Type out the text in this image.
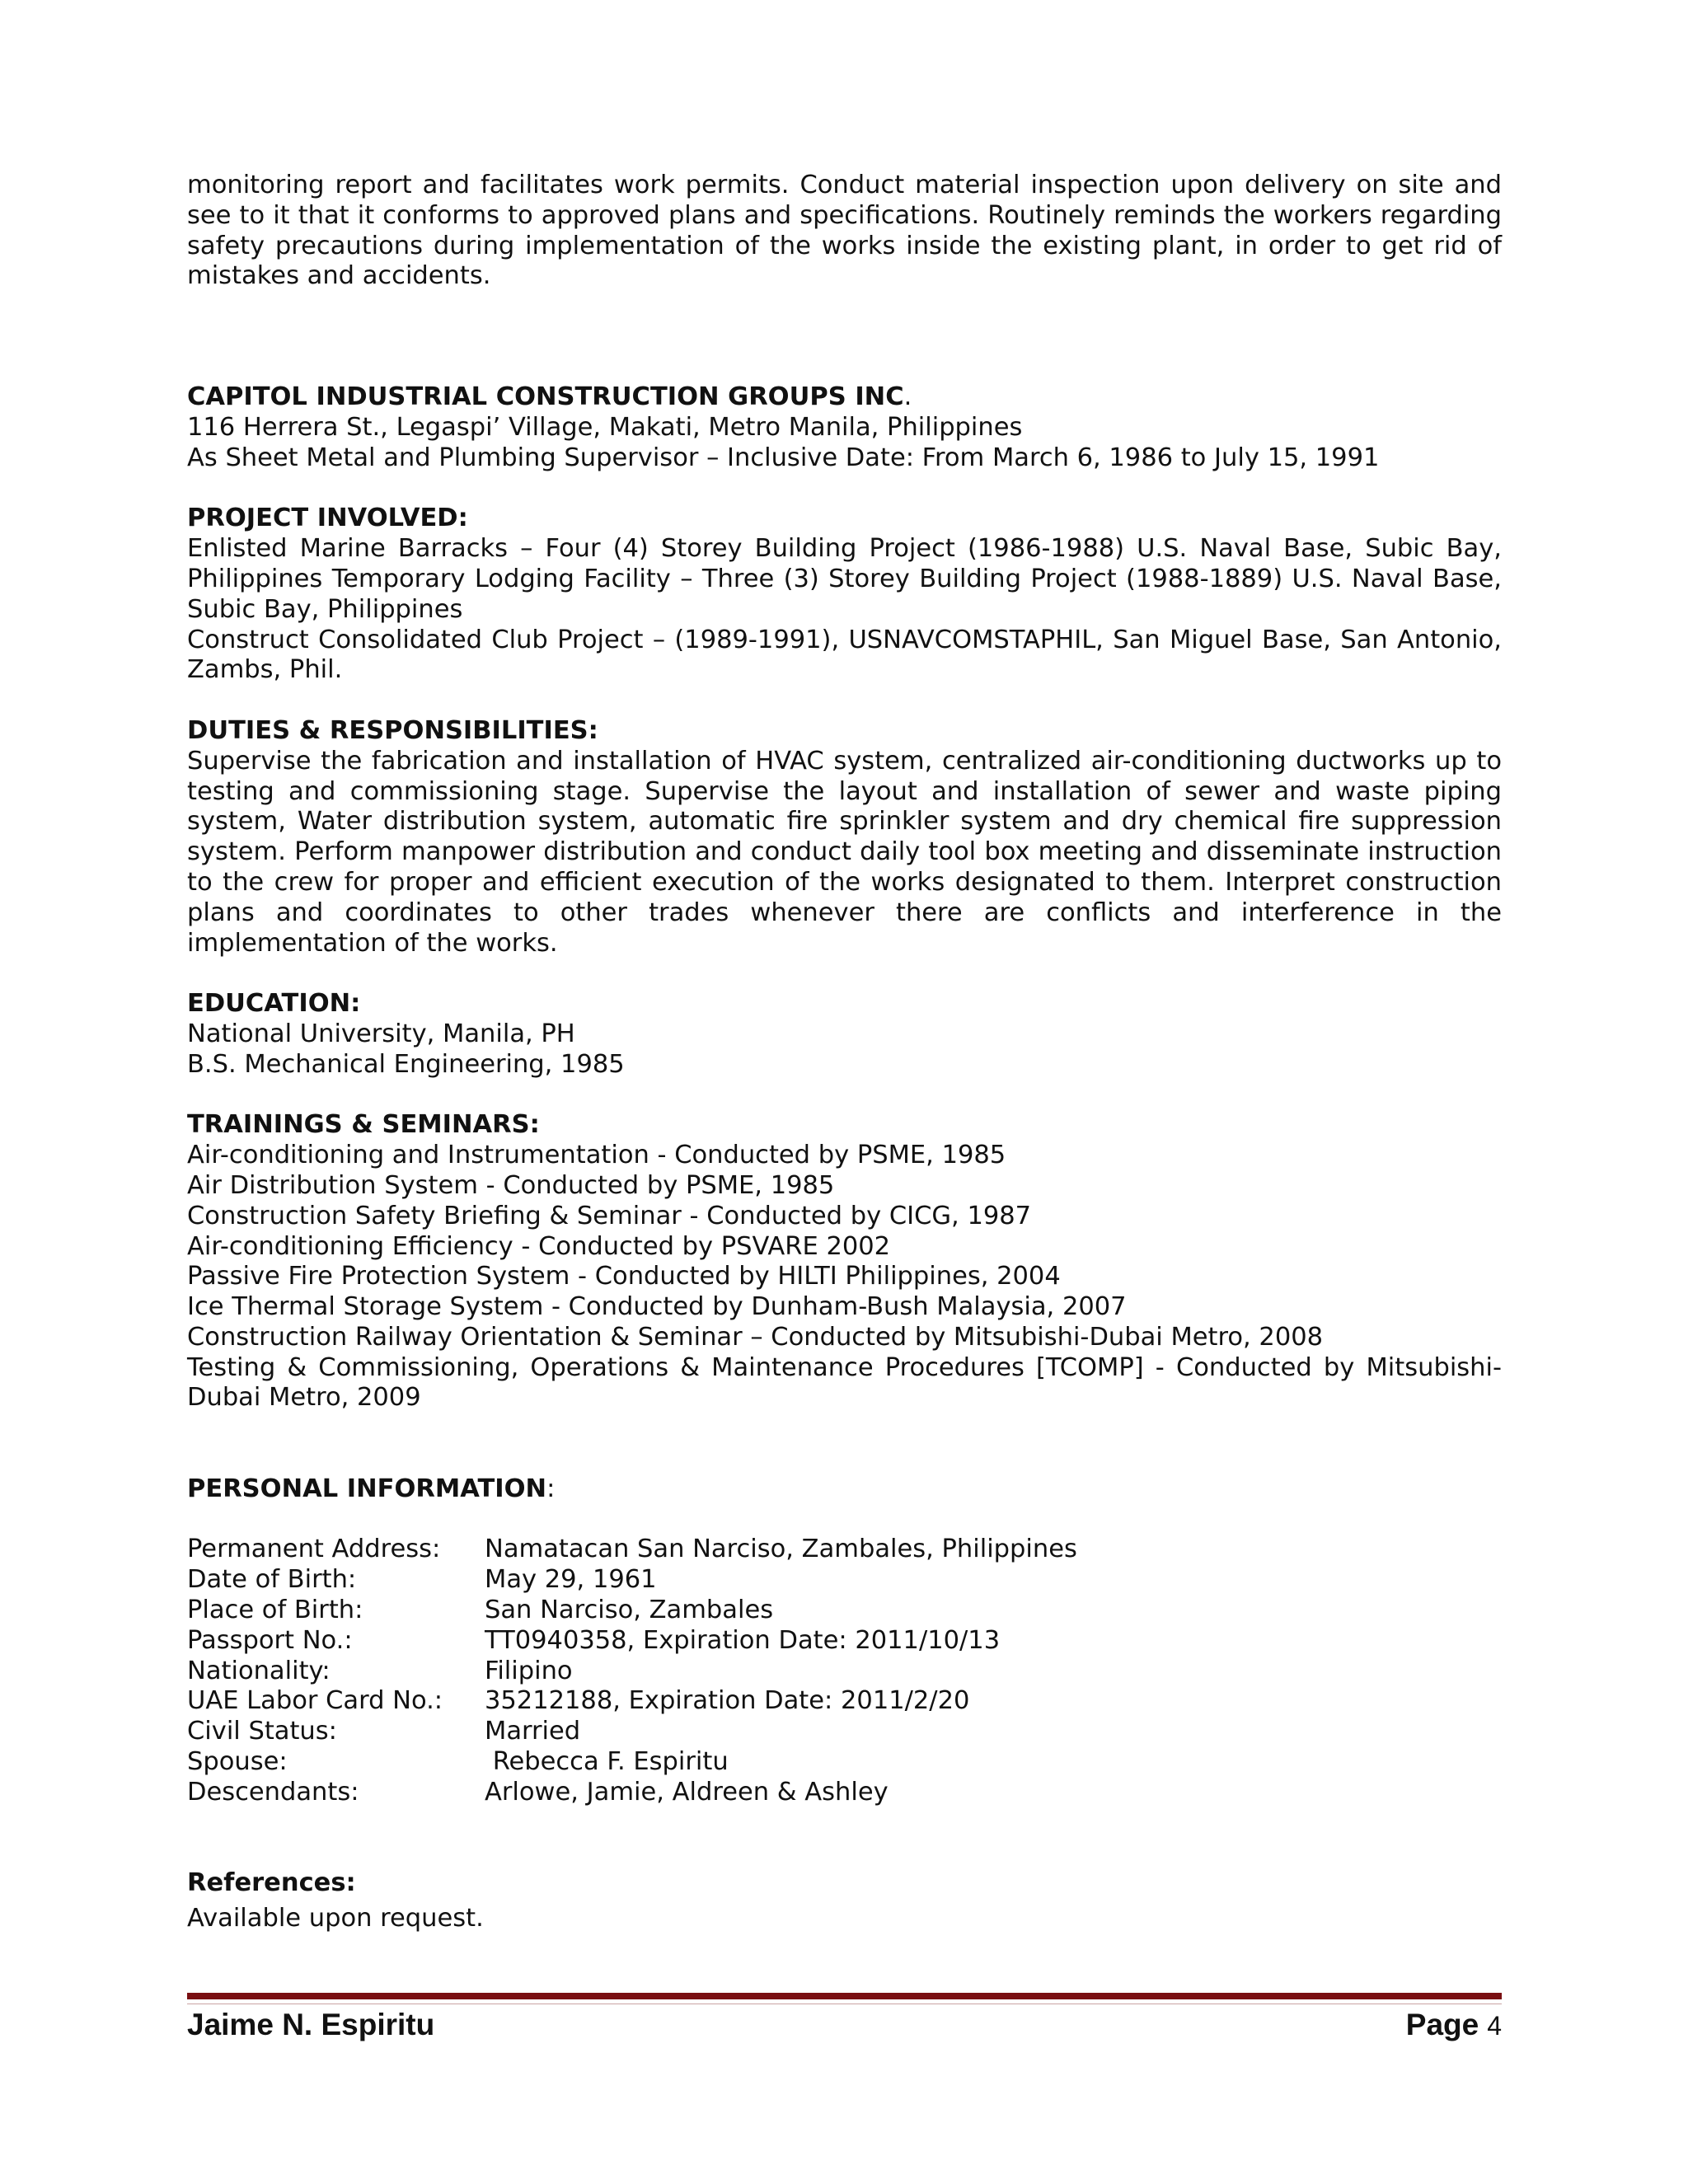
monitoring report and facilitates work permits. Conduct material inspection upon delivery on site and see to it that it conforms to approved plans and specifications. Routinely reminds the workers regarding safety precautions during implementation of the works inside the existing plant, in order to get rid of mistakes and accidents.

CAPITOL INDUSTRIAL CONSTRUCTION GROUPS INC.

116 Herrera St., Legaspi’ Village, Makati, Metro Manila, Philippines

As Sheet Metal and Plumbing Supervisor – Inclusive Date: From March 6, 1986 to July 15, 1991

PROJECT INVOLVED:

Enlisted Marine Barracks – Four (4) Storey Building Project (1986-1988) U.S. Naval Base, Subic Bay, Philippines Temporary Lodging Facility – Three (3) Storey Building Project (1988-1889) U.S. Naval Base, Subic Bay, Philippines

Construct Consolidated Club Project – (1989-1991), USNAVCOMSTAPHIL, San Miguel Base, San Antonio, Zambs, Phil.

DUTIES & RESPONSIBILITIES:

Supervise the fabrication and installation of HVAC system, centralized air-conditioning ductworks up to testing and commissioning stage. Supervise the layout and installation of sewer and waste piping system, Water distribution system, automatic fire sprinkler system and dry chemical fire suppression system. Perform manpower distribution and conduct daily tool box meeting and disseminate instruction to the crew for proper and efficient execution of the works designated to them. Interpret construction plans and coordinates to other trades whenever there are conflicts and interference in the implementation of the works.

EDUCATION:

National University, Manila, PH

B.S. Mechanical Engineering, 1985

TRAININGS & SEMINARS:

Air-conditioning and Instrumentation - Conducted by PSME, 1985

Air Distribution System - Conducted by PSME, 1985

Construction Safety Briefing & Seminar - Conducted by CICG, 1987

Air-conditioning Efficiency - Conducted by PSVARE 2002

Passive Fire Protection System - Conducted by HILTI Philippines, 2004

Ice Thermal Storage System - Conducted by Dunham-Bush Malaysia, 2007

Construction Railway Orientation & Seminar – Conducted by Mitsubishi-Dubai Metro, 2008

Testing & Commissioning, Operations & Maintenance Procedures [TCOMP] - Conducted by Mitsubishi-Dubai Metro, 2009

PERSONAL INFORMATION:

Permanent Address:	Namatacan San Narciso, Zambales, Philippines
Date of Birth:	May 29, 1961
Place of Birth:	San Narciso, Zambales
Passport No.:	TT0940358, Expiration Date: 2011/10/13
Nationality:	Filipino
UAE Labor Card No.:	35212188, Expiration Date: 2011/2/20
Civil Status:	Married
Spouse:	Rebecca F. Espiritu
Descendants:	Arlowe, Jamie, Aldreen & Ashley

References:

Available upon request.

Jaime N. Espiritu	Page 4
